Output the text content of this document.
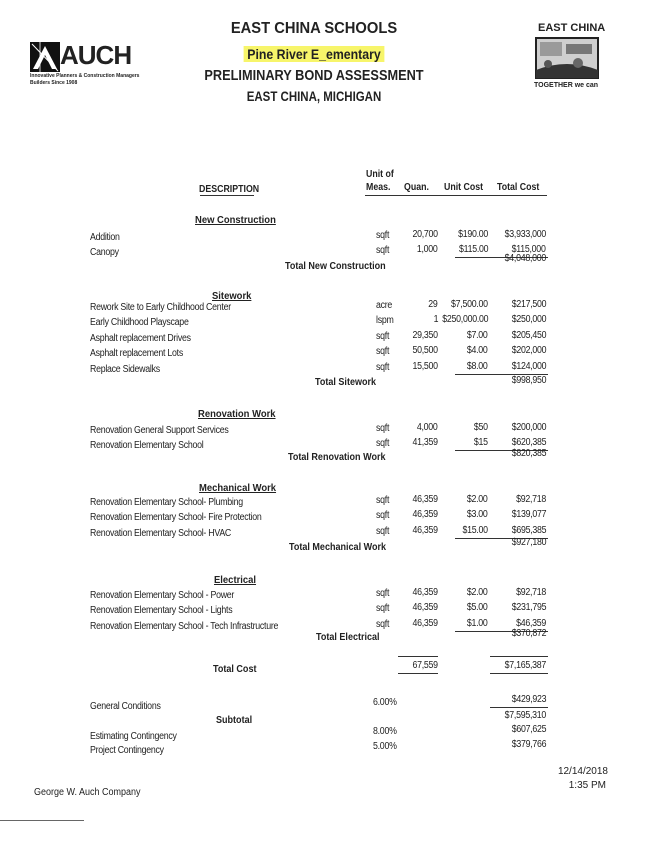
AUCH
Innovative Planners & Construction Managers
Builders Since 1908
EAST CHINA SCHOOLS
Pine River E_ementary
PRELIMINARY BOND ASSESSMENT
EAST CHINA, MICHIGAN
EAST CHINA
TOGETHER we can
DESCRIPTION
Unit of
Meas. Quan. Unit Cost Total Cost
New Construction
Addition	sqft 20,700 $190.00 $3,933,000
Canopy	sqft	1,000 $115.00 $115,000
Total New Construction
$4,048,000
Sitework
Rework Site to Early Childhood Center	acre	29 $7,500.00 $217,500
Early Childhood Playscape	lspm	1 $250,000.00 $250,000
Asphalt replacement Drives	sqft 29,350	$7.00 $205,450
Asphalt replacement Lots	sqft 50,500	$4.00 $202,000
Replace Sidewalks	sqft 15,500	$8.00 $124,000
Total Sitework	$998,950
Renovation Work
Renovation General Support Services	sqft	4,000	$50 $200,000
Renovation Elementary School	sqft 41,359	$15 $620,385
Total Renovation Work	$820,385
Mechanical Work
Renovation Elementary School- Plumbing	sqft 46,359	$2.00	$92,718
Renovation Elementary School- Fire Protection	sqft 46,359	$3.00 $139,077
Renovation Elementary School- HVAC	sqft 46,359 $15.00 $695,385
Total Mechanical Work	$927,180
Electrical
Renovation Elementary School - Power	sqft 46,359	$2.00	$92,718
Renovation Elementary School - Lights	sqft 46,359	$5.00 $231,795
Renovation Elementary School - Tech Infrastructure	sqft 46,359	$1.00	$46,359
Total Electrical	$370,872
Total Cost	67,559	$7,165,387
General Conditions	6.00%	$429,923
Subtotal	$7,595,310
Estimating Contingency	8.00%	$607,625
Project Contingency	5.00%	$379,766
George W. Auch Company
12/14/2018
1:35 PM
